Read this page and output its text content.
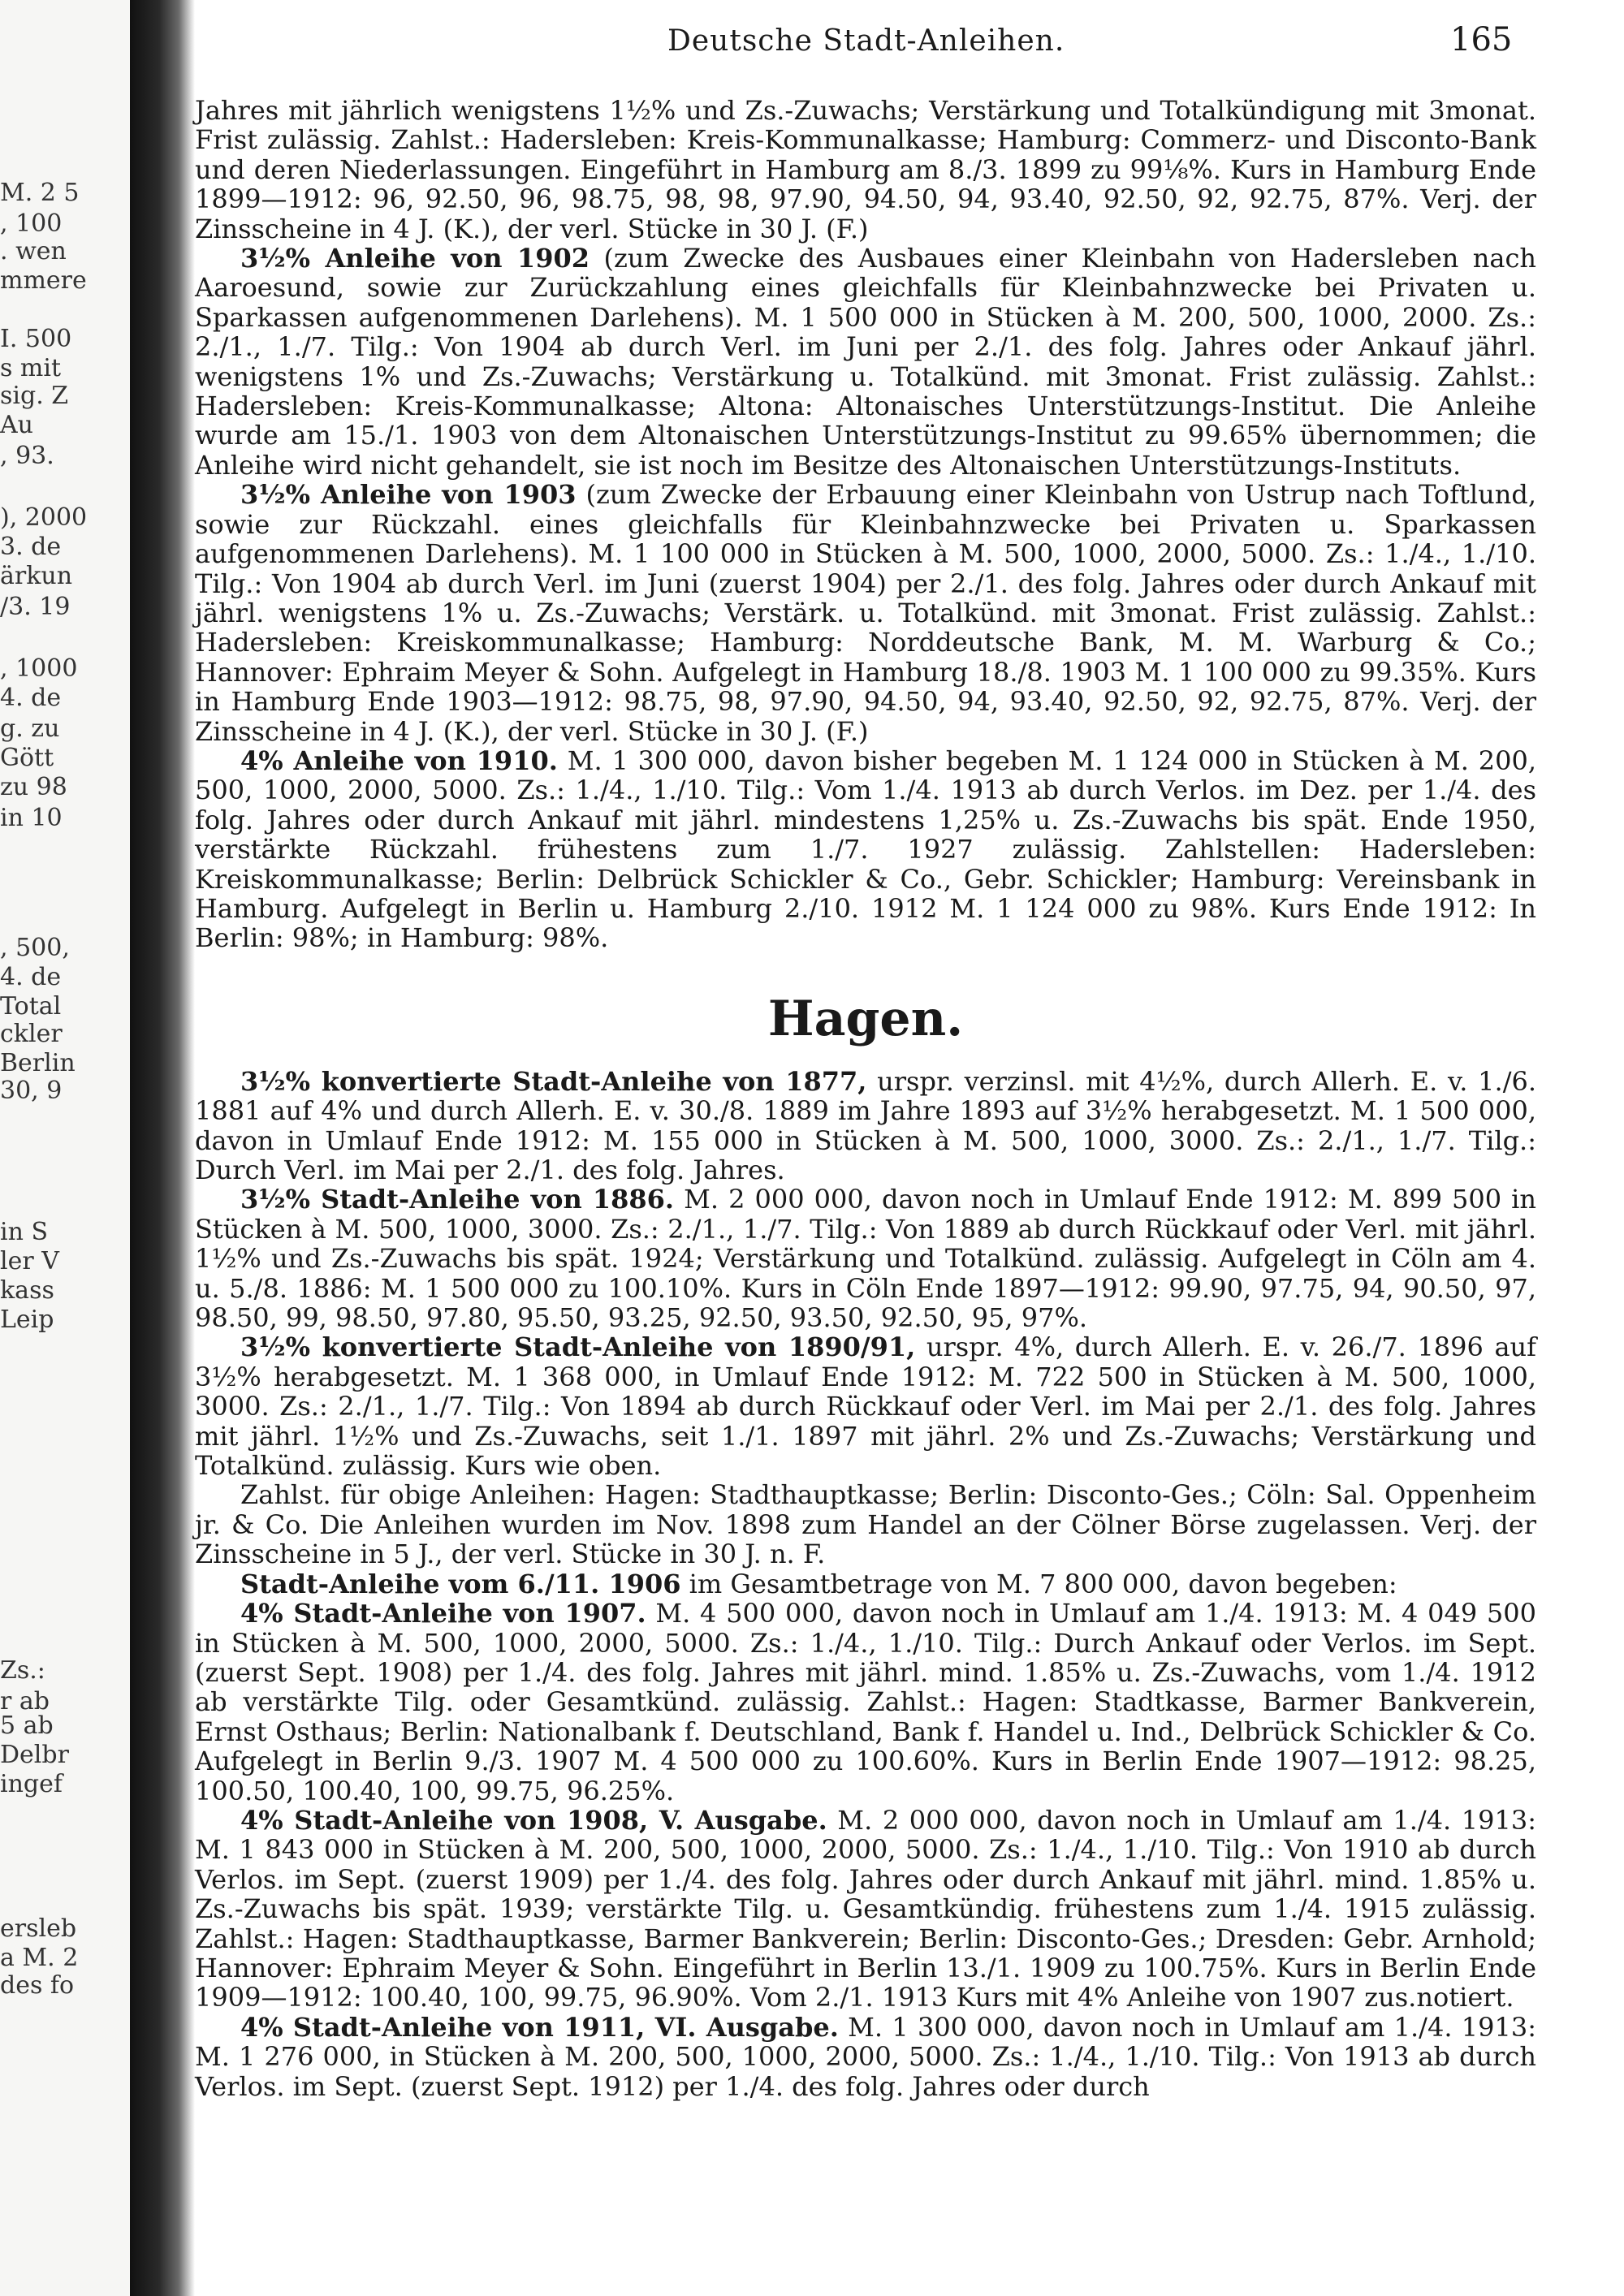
M. 2 5
, 100
. wen
mmere
I. 500
s mit
sig. Z
Au
, 93.
), 2000
3. de
ärkun
/3. 19
, 1000
4. de
g. zu
Gött
zu 98
in 10
, 500,
4. de
Total
ckler
Berlin
30, 9
in S
ler V
kass
Leip
Zs.:
r ab
5 ab
Delbr
ingef
ersleb
a M. 2
des fo
Deutsche Stadt-Anleihen.	165

Jahres mit jährlich wenigstens 1½% und Zs.-Zuwachs; Verstärkung und Totalkündigung mit 3monat. Frist zulässig. Zahlst.: Hadersleben: Kreis-Kommunalkasse; Hamburg: Commerz- und Disconto-Bank und deren Niederlassungen. Eingeführt in Hamburg am 8./3. 1899 zu 99⅛%. Kurs in Hamburg Ende 1899—1912: 96, 92.50, 96, 98.75, 98, 98, 97.90, 94.50, 94, 93.40, 92.50, 92, 92.75, 87%. Verj. der Zinsscheine in 4 J. (K.), der verl. Stücke in 30 J. (F.)

3½% Anleihe von 1902 (zum Zwecke des Ausbaues einer Kleinbahn von Hadersleben nach Aaroesund, sowie zur Zurückzahlung eines gleichfalls für Kleinbahnzwecke bei Privaten u. Sparkassen aufgenommenen Darlehens). M. 1 500 000 in Stücken à M. 200, 500, 1000, 2000. Zs.: 2./1., 1./7. Tilg.: Von 1904 ab durch Verl. im Juni per 2./1. des folg. Jahres oder Ankauf jährl. wenigstens 1% und Zs.-Zuwachs; Verstärkung u. Totalkünd. mit 3monat. Frist zulässig. Zahlst.: Hadersleben: Kreis-Kommunalkasse; Altona: Altonaisches Unterstützungs-Institut. Die Anleihe wurde am 15./1. 1903 von dem Altonaischen Unterstützungs-Institut zu 99.65% übernommen; die Anleihe wird nicht gehandelt, sie ist noch im Besitze des Altonaischen Unterstützungs-Instituts.

3½% Anleihe von 1903 (zum Zwecke der Erbauung einer Kleinbahn von Ustrup nach Toftlund, sowie zur Rückzahl. eines gleichfalls für Kleinbahnzwecke bei Privaten u. Sparkassen aufgenommenen Darlehens). M. 1 100 000 in Stücken à M. 500, 1000, 2000, 5000. Zs.: 1./4., 1./10. Tilg.: Von 1904 ab durch Verl. im Juni (zuerst 1904) per 2./1. des folg. Jahres oder durch Ankauf mit jährl. wenigstens 1% u. Zs.-Zuwachs; Verstärk. u. Totalkünd. mit 3monat. Frist zulässig. Zahlst.: Hadersleben: Kreiskommunalkasse; Hamburg: Norddeutsche Bank, M. M. Warburg & Co.; Hannover: Ephraim Meyer & Sohn. Aufgelegt in Hamburg 18./8. 1903 M. 1 100 000 zu 99.35%. Kurs in Hamburg Ende 1903—1912: 98.75, 98, 97.90, 94.50, 94, 93.40, 92.50, 92, 92.75, 87%. Verj. der Zinsscheine in 4 J. (K.), der verl. Stücke in 30 J. (F.)

4% Anleihe von 1910. M. 1 300 000, davon bisher begeben M. 1 124 000 in Stücken à M. 200, 500, 1000, 2000, 5000. Zs.: 1./4., 1./10. Tilg.: Vom 1./4. 1913 ab durch Verlos. im Dez. per 1./4. des folg. Jahres oder durch Ankauf mit jährl. mindestens 1,25% u. Zs.-Zuwachs bis spät. Ende 1950, verstärkte Rückzahl. frühestens zum 1./7. 1927 zulässig. Zahlstellen: Hadersleben: Kreiskommunalkasse; Berlin: Delbrück Schickler & Co., Gebr. Schickler; Hamburg: Vereinsbank in Hamburg. Aufgelegt in Berlin u. Hamburg 2./10. 1912 M. 1 124 000 zu 98%. Kurs Ende 1912: In Berlin: 98%; in Hamburg: 98%.

Hagen.

3½% konvertierte Stadt-Anleihe von 1877, urspr. verzinsl. mit 4½%, durch Allerh. E. v. 1./6. 1881 auf 4% und durch Allerh. E. v. 30./8. 1889 im Jahre 1893 auf 3½% herabgesetzt. M. 1 500 000, davon in Umlauf Ende 1912: M. 155 000 in Stücken à M. 500, 1000, 3000. Zs.: 2./1., 1./7. Tilg.: Durch Verl. im Mai per 2./1. des folg. Jahres.

3½% Stadt-Anleihe von 1886. M. 2 000 000, davon noch in Umlauf Ende 1912: M. 899 500 in Stücken à M. 500, 1000, 3000. Zs.: 2./1., 1./7. Tilg.: Von 1889 ab durch Rückkauf oder Verl. mit jährl. 1½% und Zs.-Zuwachs bis spät. 1924; Verstärkung und Totalkünd. zulässig. Aufgelegt in Cöln am 4. u. 5./8. 1886: M. 1 500 000 zu 100.10%. Kurs in Cöln Ende 1897—1912: 99.90, 97.75, 94, 90.50, 97, 98.50, 99, 98.50, 97.80, 95.50, 93.25, 92.50, 93.50, 92.50, 95, 97%.

3½% konvertierte Stadt-Anleihe von 1890/91, urspr. 4%, durch Allerh. E. v. 26./7. 1896 auf 3½% herabgesetzt. M. 1 368 000, in Umlauf Ende 1912: M. 722 500 in Stücken à M. 500, 1000, 3000. Zs.: 2./1., 1./7. Tilg.: Von 1894 ab durch Rückkauf oder Verl. im Mai per 2./1. des folg. Jahres mit jährl. 1½% und Zs.-Zuwachs, seit 1./1. 1897 mit jährl. 2% und Zs.-Zuwachs; Verstärkung und Totalkünd. zulässig. Kurs wie oben.

Zahlst. für obige Anleihen: Hagen: Stadthauptkasse; Berlin: Disconto-Ges.; Cöln: Sal. Oppenheim jr. & Co. Die Anleihen wurden im Nov. 1898 zum Handel an der Cölner Börse zugelassen. Verj. der Zinsscheine in 5 J., der verl. Stücke in 30 J. n. F.

Stadt-Anleihe vom 6./11. 1906 im Gesamtbetrage von M. 7 800 000, davon begeben:

4% Stadt-Anleihe von 1907. M. 4 500 000, davon noch in Umlauf am 1./4. 1913: M. 4 049 500 in Stücken à M. 500, 1000, 2000, 5000. Zs.: 1./4., 1./10. Tilg.: Durch Ankauf oder Verlos. im Sept. (zuerst Sept. 1908) per 1./4. des folg. Jahres mit jährl. mind. 1.85% u. Zs.-Zuwachs, vom 1./4. 1912 ab verstärkte Tilg. oder Gesamtkünd. zulässig. Zahlst.: Hagen: Stadtkasse, Barmer Bankverein, Ernst Osthaus; Berlin: Nationalbank f. Deutschland, Bank f. Handel u. Ind., Delbrück Schickler & Co. Aufgelegt in Berlin 9./3. 1907 M. 4 500 000 zu 100.60%. Kurs in Berlin Ende 1907—1912: 98.25, 100.50, 100.40, 100, 99.75, 96.25%.

4% Stadt-Anleihe von 1908, V. Ausgabe. M. 2 000 000, davon noch in Umlauf am 1./4. 1913: M. 1 843 000 in Stücken à M. 200, 500, 1000, 2000, 5000. Zs.: 1./4., 1./10. Tilg.: Von 1910 ab durch Verlos. im Sept. (zuerst 1909) per 1./4. des folg. Jahres oder durch Ankauf mit jährl. mind. 1.85% u. Zs.-Zuwachs bis spät. 1939; verstärkte Tilg. u. Gesamtkündig. frühestens zum 1./4. 1915 zulässig. Zahlst.: Hagen: Stadthauptkasse, Barmer Bankverein; Berlin: Disconto-Ges.; Dresden: Gebr. Arnhold; Hannover: Ephraim Meyer & Sohn. Eingeführt in Berlin 13./1. 1909 zu 100.75%. Kurs in Berlin Ende 1909—1912: 100.40, 100, 99.75, 96.90%. Vom 2./1. 1913 Kurs mit 4% Anleihe von 1907 zus.notiert.

4% Stadt-Anleihe von 1911, VI. Ausgabe. M. 1 300 000, davon noch in Umlauf am 1./4. 1913: M. 1 276 000, in Stücken à M. 200, 500, 1000, 2000, 5000. Zs.: 1./4., 1./10. Tilg.: Von 1913 ab durch Verlos. im Sept. (zuerst Sept. 1912) per 1./4. des folg. Jahres oder durch
